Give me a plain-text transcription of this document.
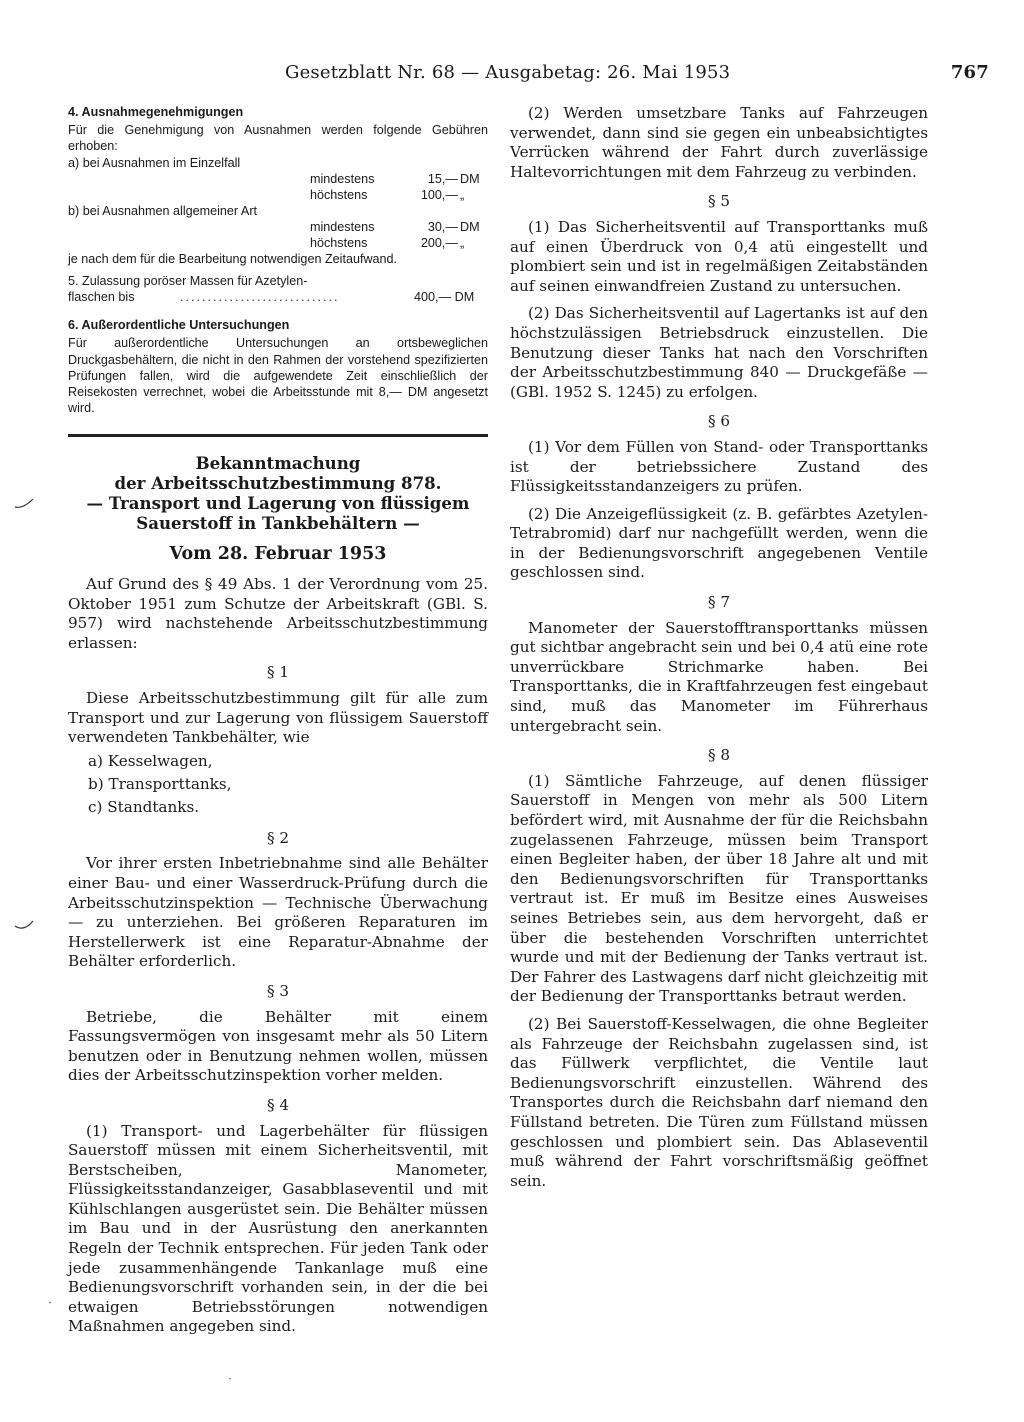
Gesetzblatt Nr. 68 — Ausgabetag: 26. Mai 1953	767
·
·
4. Ausnahmegenehmigungen

Für die Genehmigung von Ausnahmen werden folgende Gebühren erhoben:

a) bei Ausnahmen im Einzelfall

mindestens	15,— DM
höchstens	100,— „

b) bei Ausnahmen allgemeiner Art

mindestens	30,— DM
höchstens	200,— „

je nach dem für die Bearbeitung notwendigen Zeitaufwand.

5. Zulassung poröser Massen für Azetylen-
flaschen bis	.............................	400,— DM
6. Außerordentliche Untersuchungen

Für außerordentliche Untersuchungen an ortsbeweglichen Druckgasbehältern, die nicht in den Rahmen der vorstehend spezifizierten Prüfungen fallen, wird die aufgewendete Zeit einschließlich der Reisekosten verrechnet, wobei die Arbeitsstunde mit 8,— DM angesetzt wird.

Bekanntmachung
der Arbeitsschutzbestimmung 878.
— Transport und Lagerung von flüssigem
Sauerstoff in Tankbehältern —
Vom 28. Februar 1953

Auf Grund des § 49 Abs. 1 der Verordnung vom 25. Oktober 1951 zum Schutze der Arbeitskraft (GBl. S. 957) wird nachstehende Arbeitsschutzbestimmung erlassen:

§ 1

Diese Arbeitsschutzbestimmung gilt für alle zum Transport und zur Lagerung von flüssigem Sauerstoff verwendeten Tankbehälter, wie

a) Kesselwagen,

b) Transporttanks,

c) Standtanks.

§ 2

Vor ihrer ersten Inbetriebnahme sind alle Behälter einer Bau- und einer Wasserdruck-Prüfung durch die Arbeitsschutzinspektion — Technische Überwachung — zu unterziehen. Bei größeren Reparaturen im Herstellerwerk ist eine Reparatur-Abnahme der Behälter erforderlich.

§ 3

Betriebe, die Behälter mit einem Fassungsvermögen von insgesamt mehr als 50 Litern benutzen oder in Benutzung nehmen wollen, müssen dies der Arbeitsschutzinspektion vorher melden.

§ 4

(1) Transport- und Lagerbehälter für flüssigen Sauerstoff müssen mit einem Sicherheitsventil, mit Berstscheiben, Manometer, Flüssigkeitsstandanzeiger, Gasabblaseventil und mit Kühlschlangen ausgerüstet sein. Die Behälter müssen im Bau und in der Ausrüstung den anerkannten Regeln der Technik entsprechen. Für jeden Tank oder jede zusammenhängende Tankanlage muß eine Bedienungsvorschrift vorhanden sein, in der die bei etwaigen Betriebsstörungen notwendigen Maßnahmen angegeben sind.

(2) Werden umsetzbare Tanks auf Fahrzeugen verwendet, dann sind sie gegen ein unbeabsichtigtes Verrücken während der Fahrt durch zuverlässige Haltevorrichtungen mit dem Fahrzeug zu verbinden.

§ 5

(1) Das Sicherheitsventil auf Transporttanks muß auf einen Überdruck von 0,4 atü eingestellt und plombiert sein und ist in regelmäßigen Zeitabständen auf seinen einwandfreien Zustand zu untersuchen.

(2) Das Sicherheitsventil auf Lagertanks ist auf den höchstzulässigen Betriebsdruck einzustellen. Die Benutzung dieser Tanks hat nach den Vorschriften der Arbeitsschutzbestimmung 840 — Druckgefäße — (GBl. 1952 S. 1245) zu erfolgen.

§ 6

(1) Vor dem Füllen von Stand- oder Transporttanks ist der betriebssichere Zustand des Flüssigkeitsstandanzeigers zu prüfen.

(2) Die Anzeigeflüssigkeit (z. B. gefärbtes Azetylen-Tetrabromid) darf nur nachgefüllt werden, wenn die in der Bedienungsvorschrift angegebenen Ventile geschlossen sind.

§ 7

Manometer der Sauerstofftransporttanks müssen gut sichtbar angebracht sein und bei 0,4 atü eine rote unverrückbare Strichmarke haben. Bei Transporttanks, die in Kraftfahrzeugen fest eingebaut sind, muß das Manometer im Führerhaus untergebracht sein.

§ 8

(1) Sämtliche Fahrzeuge, auf denen flüssiger Sauerstoff in Mengen von mehr als 500 Litern befördert wird, mit Ausnahme der für die Reichsbahn zugelassenen Fahrzeuge, müssen beim Transport einen Begleiter haben, der über 18 Jahre alt und mit den Bedienungsvorschriften für Transporttanks vertraut ist. Er muß im Besitze eines Ausweises seines Betriebes sein, aus dem hervorgeht, daß er über die bestehenden Vorschriften unterrichtet wurde und mit der Bedienung der Tanks vertraut ist. Der Fahrer des Lastwagens darf nicht gleichzeitig mit der Bedienung der Transporttanks betraut werden.

(2) Bei Sauerstoff-Kesselwagen, die ohne Begleiter als Fahrzeuge der Reichsbahn zugelassen sind, ist das Füllwerk verpflichtet, die Ventile laut Bedienungsvorschrift einzustellen. Während des Transportes durch die Reichsbahn darf niemand den Füllstand betreten. Die Türen zum Füllstand müssen geschlossen und plombiert sein. Das Ablaseventil muß während der Fahrt vorschriftsmäßig geöffnet sein.
